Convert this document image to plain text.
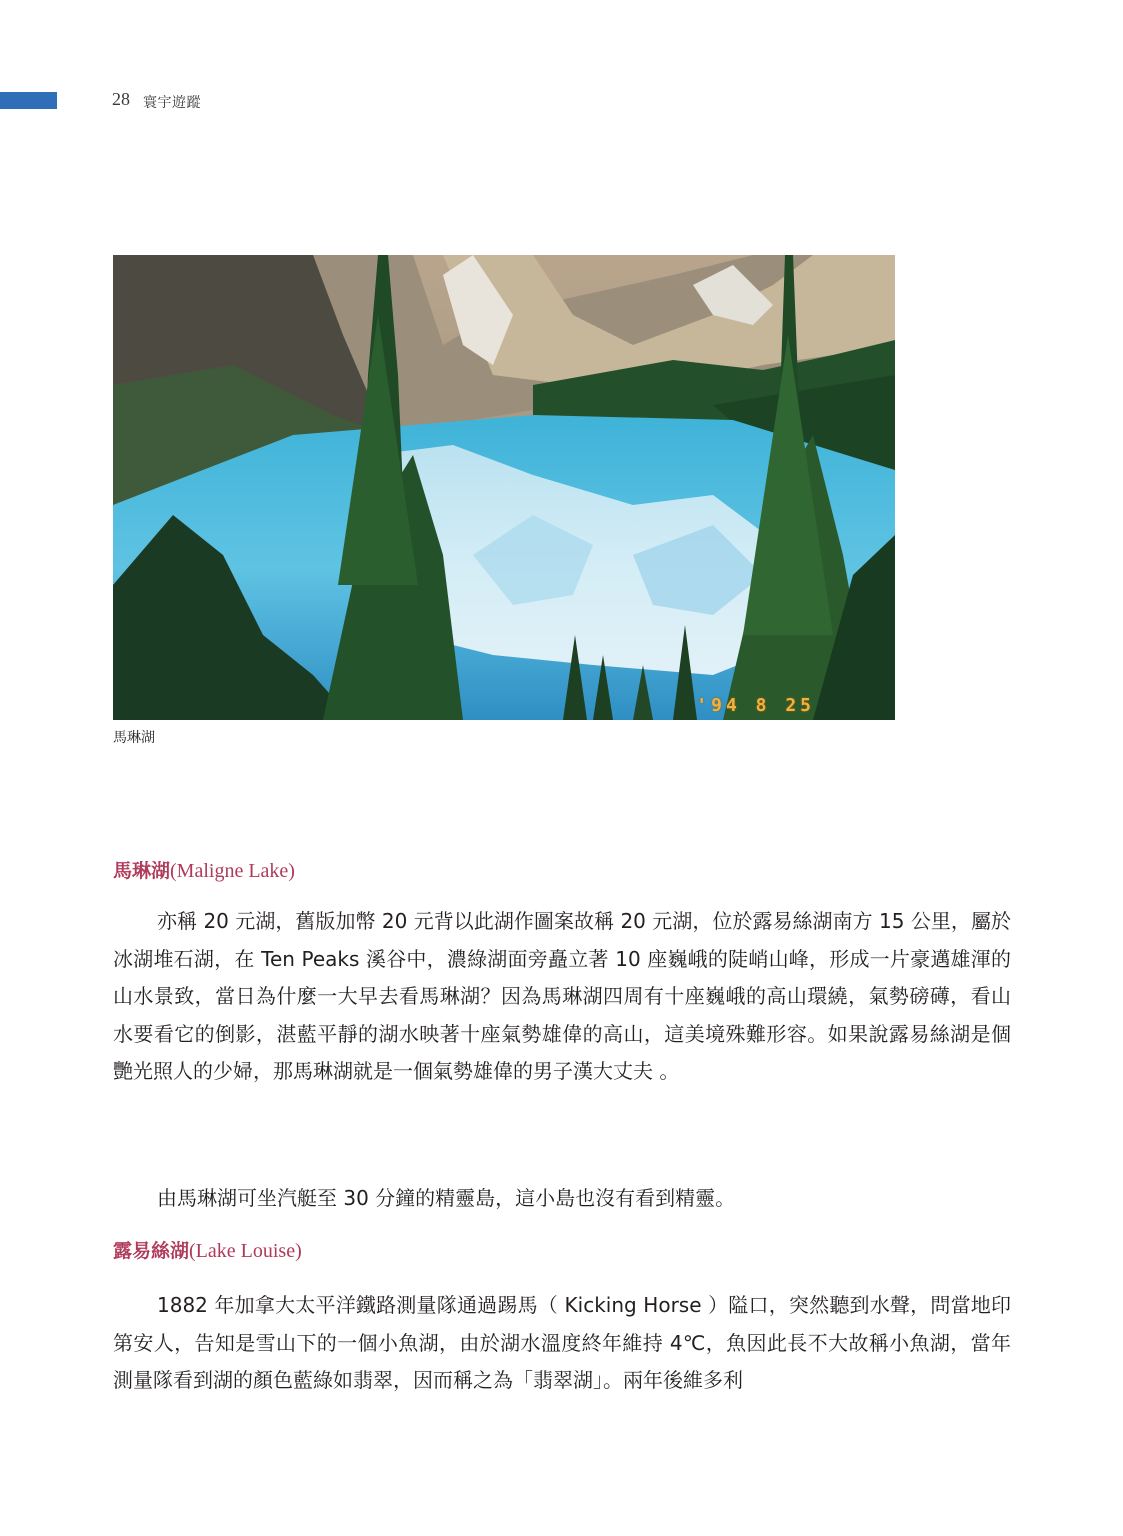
28 寰宇遊蹤
'94 8 25
馬琳湖
馬琳湖(Maligne Lake)

亦稱 20 元湖，舊版加幣 20 元背以此湖作圖案故稱 20 元湖，位於露易絲湖南方 15 公里，屬於冰湖堆石湖，在 Ten Peaks 溪谷中，濃綠湖面旁矗立著 10 座巍峨的陡峭山峰，形成一片豪邁雄渾的山水景致，當日為什麼一大早去看馬琳湖？因為馬琳湖四周有十座巍峨的高山環繞，氣勢磅礡，看山水要看它的倒影，湛藍平靜的湖水映著十座氣勢雄偉的高山，這美境殊難形容。如果說露易絲湖是個艷光照人的少婦，那馬琳湖就是一個氣勢雄偉的男子漢大丈夫 。

由馬琳湖可坐汽艇至 30 分鐘的精靈島，這小島也沒有看到精靈。

露易絲湖(Lake Louise)

1882 年加拿大太平洋鐵路測量隊通過踢馬（ Kicking Horse ）隘口，突然聽到水聲，問當地印第安人，告知是雪山下的一個小魚湖，由於湖水溫度終年維持 4℃，魚因此長不大故稱小魚湖，當年測量隊看到湖的顏色藍綠如翡翠，因而稱之為「翡翠湖」。兩年後維多利
